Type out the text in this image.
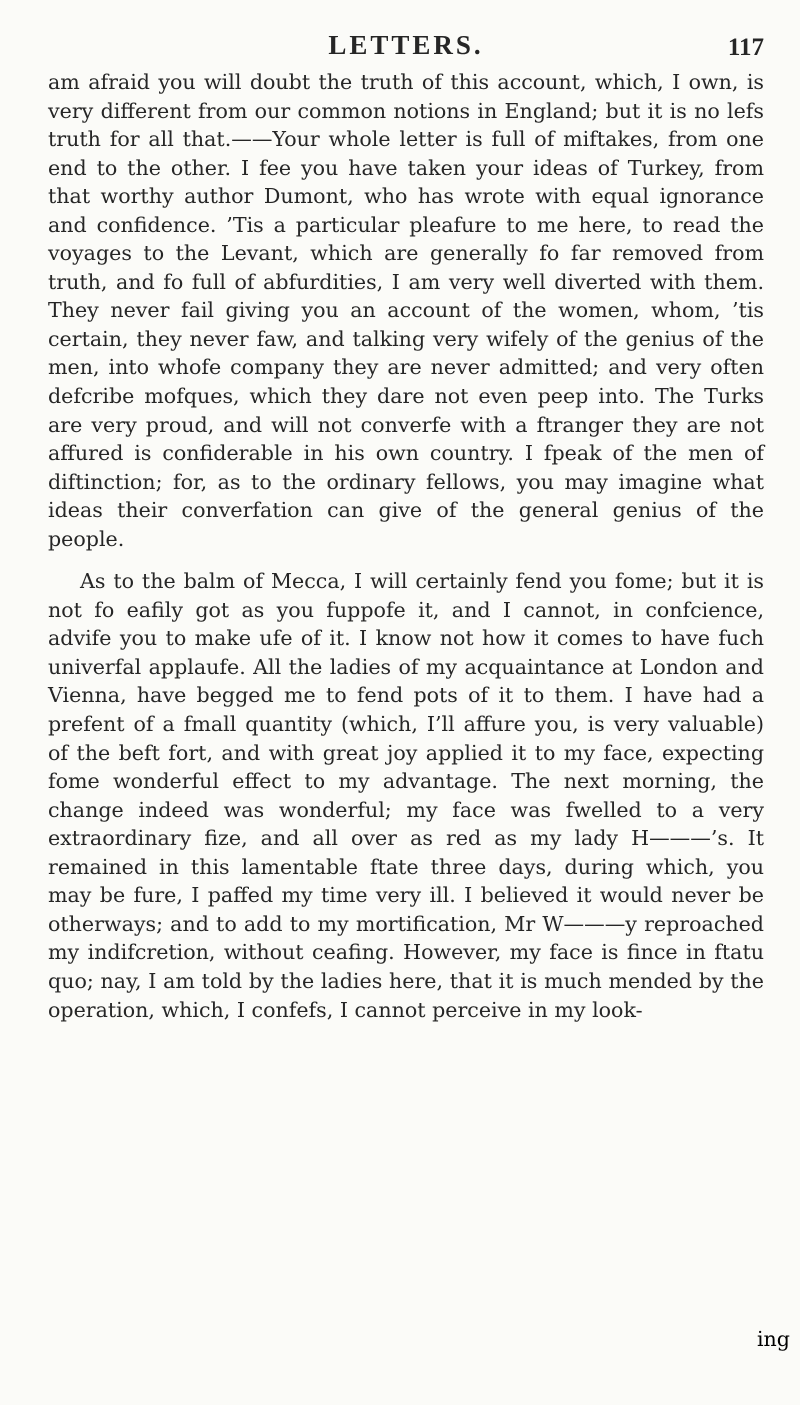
LETTERS.	117

am afraid you will doubt the truth of this account, which, I own, is very different from our common notions in England; but it is no lefs truth for all that.——Your whole letter is full of miftakes, from one end to the other. I fee you have taken your ideas of Turkey, from that worthy author Dumont, who has wrote with equal ignorance and confidence. ’Tis a particular pleafure to me here, to read the voyages to the Levant, which are generally fo far removed from truth, and fo full of abfurdities, I am very well diverted with them. They never fail giving you an account of the women, whom, ’tis certain, they never faw, and talking very wifely of the genius of the men, into whofe company they are never admitted; and very often defcribe mofques, which they dare not even peep into. The Turks are very proud, and will not converfe with a ftranger they are not affured is confiderable in his own country. I fpeak of the men of diftinction; for, as to the ordinary fellows, you may imagine what ideas their converfation can give of the general genius of the people.

As to the balm of Mecca, I will certainly fend you fome; but it is not fo eafily got as you fuppofe it, and I cannot, in confcience, advife you to make ufe of it. I know not how it comes to have fuch univerfal applaufe. All the ladies of my acquaintance at London and Vienna, have begged me to fend pots of it to them. I have had a prefent of a fmall quantity (which, I’ll affure you, is very valuable) of the beft fort, and with great joy applied it to my face, expecting fome wonderful effect to my advantage. The next morning, the change indeed was wonderful; my face was fwelled to a very extraordinary fize, and all over as red as my lady H———’s. It remained in this lamentable ftate three days, during which, you may be fure, I paffed my time very ill. I believed it would never be otherways; and to add to my mortification, Mr W———y reproached my indifcretion, without ceafing. However, my face is fince in ftatu quo; nay, I am told by the ladies here, that it is much mended by the operation, which, I confefs, I cannot perceive in my look-

ing
